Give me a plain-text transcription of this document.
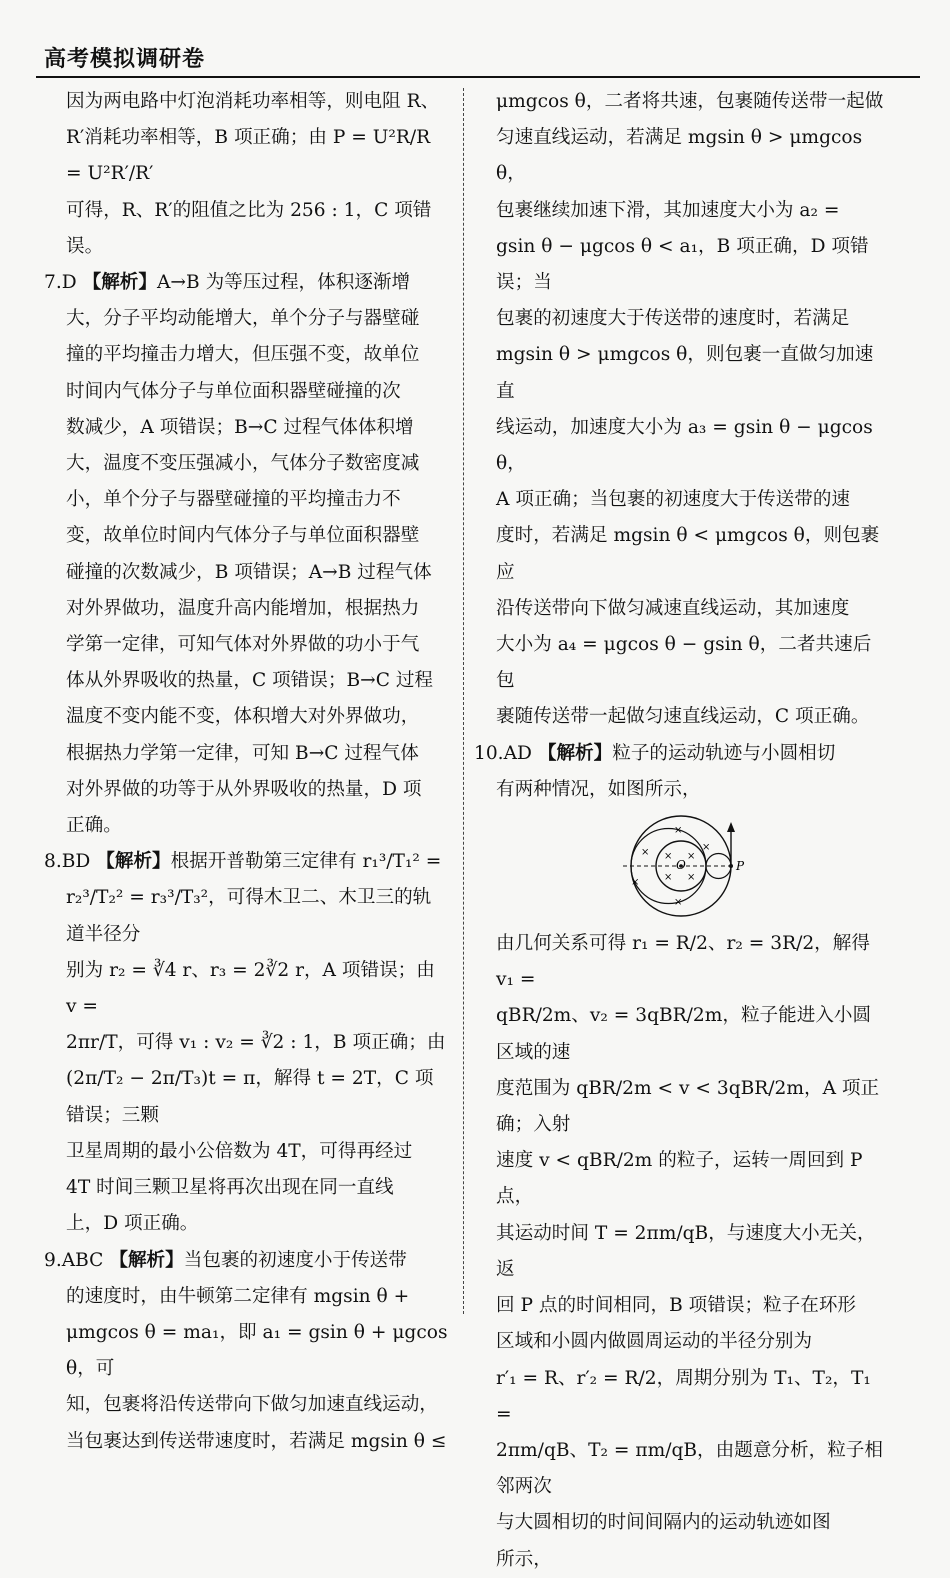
高考模拟调研卷

因为两电路中灯泡消耗功率相等，则电阻 R、

R′消耗功率相等，B 项正确；由 P = U²R/R = U²R′/R′

可得，R、R′的阻值之比为 256 : 1，C 项错误。

7.D 【解析】A→B 为等压过程，体积逐渐增

大，分子平均动能增大，单个分子与器壁碰

撞的平均撞击力增大，但压强不变，故单位

时间内气体分子与单位面积器壁碰撞的次

数减少，A 项错误；B→C 过程气体体积增

大，温度不变压强减小，气体分子数密度减

小，单个分子与器壁碰撞的平均撞击力不

变，故单位时间内气体分子与单位面积器壁

碰撞的次数减少，B 项错误；A→B 过程气体

对外界做功，温度升高内能增加，根据热力

学第一定律，可知气体对外界做的功小于气

体从外界吸收的热量，C 项错误；B→C 过程

温度不变内能不变，体积增大对外界做功，

根据热力学第一定律，可知 B→C 过程气体

对外界做的功等于从外界吸收的热量，D 项

正确。

8.BD 【解析】根据开普勒第三定律有 r₁³/T₁² =

r₂³/T₂² = r₃³/T₃²，可得木卫二、木卫三的轨道半径分

别为 r₂ = ∛4 r、r₃ = 2∛2 r，A 项错误；由 v =

2πr/T，可得 v₁ : v₂ = ∛2 : 1，B 项正确；由

(2π/T₂ − 2π/T₃)t = π，解得 t = 2T，C 项错误；三颗

卫星周期的最小公倍数为 4T，可得再经过

4T 时间三颗卫星将再次出现在同一直线

上，D 项正确。

9.ABC 【解析】当包裹的初速度小于传送带

的速度时，由牛顿第二定律有 mgsin θ +

μmgcos θ = ma₁，即 a₁ = gsin θ + μgcos θ，可

知，包裹将沿传送带向下做匀加速直线运动，

当包裹达到传送带速度时，若满足 mgsin θ ≤

μmgcos θ，二者将共速，包裹随传送带一起做

匀速直线运动，若满足 mgsin θ > μmgcos θ，

包裹继续加速下滑，其加速度大小为 a₂ =

gsin θ − μgcos θ < a₁，B 项正确，D 项错误；当

包裹的初速度大于传送带的速度时，若满足

mgsin θ > μmgcos θ，则包裹一直做匀加速直

线运动，加速度大小为 a₃ = gsin θ − μgcos θ，

A 项正确；当包裹的初速度大于传送带的速

度时，若满足 mgsin θ < μmgcos θ，则包裹应

沿传送带向下做匀减速直线运动，其加速度

大小为 a₄ = μgcos θ − gsin θ，二者共速后包

裹随传送带一起做匀速直线运动，C 项正确。

10.AD 【解析】粒子的运动轨迹与小圆相切

有两种情况，如图所示，

×
×
×
×
×
× ×
× ×
O	P

由几何关系可得 r₁ = R/2、r₂ = 3R/2，解得 v₁ =

qBR/2m、v₂ = 3qBR/2m，粒子能进入小圆区域的速

度范围为 qBR/2m < v < 3qBR/2m，A 项正确；入射

速度 v < qBR/2m 的粒子，运转一周回到 P 点，

其运动时间 T = 2πm/qB，与速度大小无关，返

回 P 点的时间相同，B 项错误；粒子在环形

区域和小圆内做圆周运动的半径分别为

r′₁ = R、r′₂ = R/2，周期分别为 T₁、T₂，T₁ =

2πm/qB、T₂ = πm/qB，由题意分析，粒子相邻两次

与大圆相切的时间间隔内的运动轨迹如图

所示，
